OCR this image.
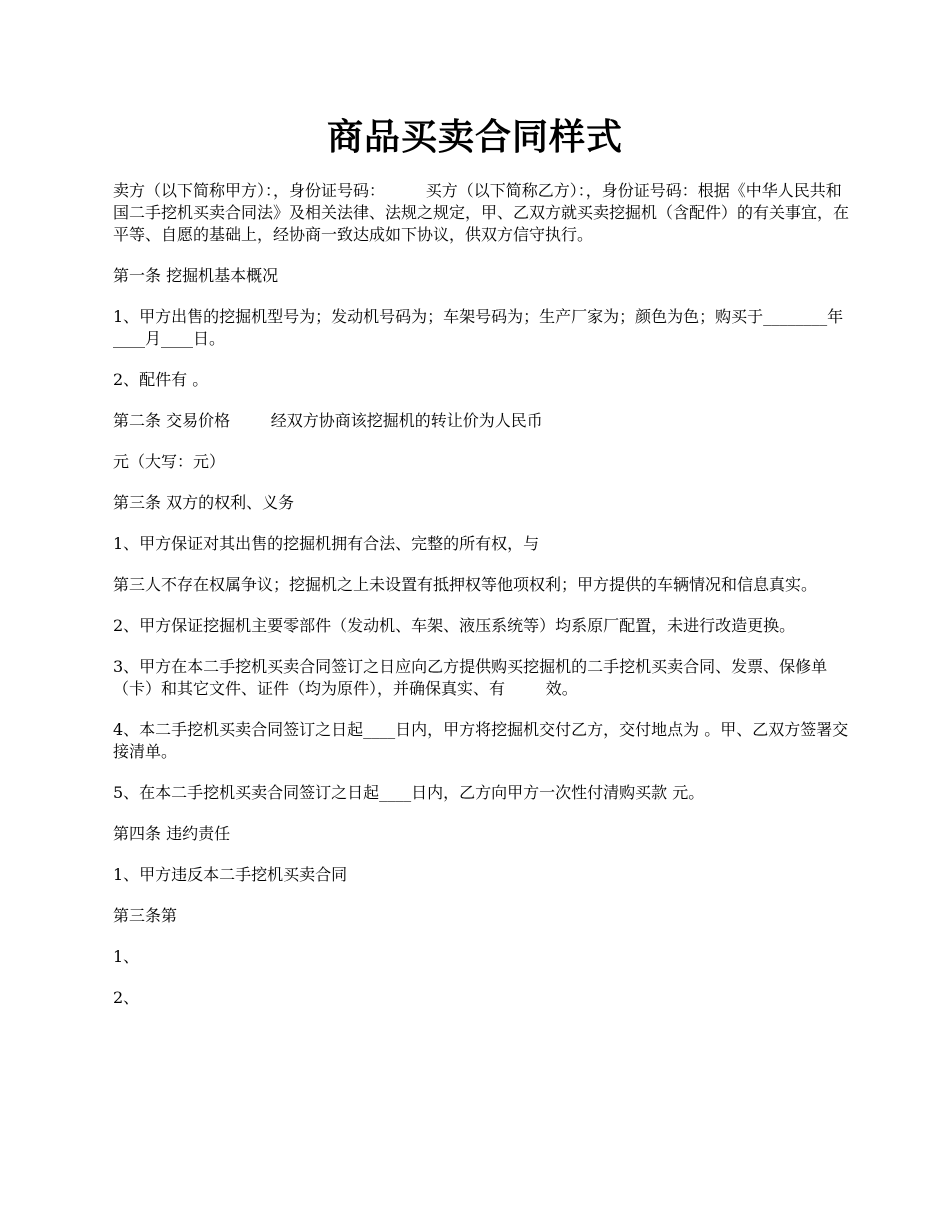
商品买卖合同样式

卖方（以下简称甲方）：，身份证号码：        买方（以下简称乙方）：，身份证号码：根据《中华人民共和国二手挖机买卖合同法》及相关法律、法规之规定，甲、乙双方就买卖挖掘机（含配件）的有关事宜，在平等、自愿的基础上，经协商一致达成如下协议，供双方信守执行。

第一条 挖掘机基本概况

1、甲方出售的挖掘机型号为；发动机号码为；车架号码为；生产厂家为；颜色为色；购买于________年____月____日。

2、配件有 。

第二条 交易价格        经双方协商该挖掘机的转让价为人民币

元（大写：元）

第三条 双方的权利、义务

1、甲方保证对其出售的挖掘机拥有合法、完整的所有权，与

第三人不存在权属争议；挖掘机之上未设置有抵押权等他项权利；甲方提供的车辆情况和信息真实。

2、甲方保证挖掘机主要零部件（发动机、车架、液压系统等）均系原厂配置，未进行改造更换。

3、甲方在本二手挖机买卖合同签订之日应向乙方提供购买挖掘机的二手挖机买卖合同、发票、保修单（卡）和其它文件、证件（均为原件），并确保真实、有        效。

4、本二手挖机买卖合同签订之日起____日内，甲方将挖掘机交付乙方，交付地点为 。甲、乙双方签署交接清单。

5、在本二手挖机买卖合同签订之日起____日内，乙方向甲方一次性付清购买款 元。

第四条 违约责任

1、甲方违反本二手挖机买卖合同

第三条第

1、

2、
